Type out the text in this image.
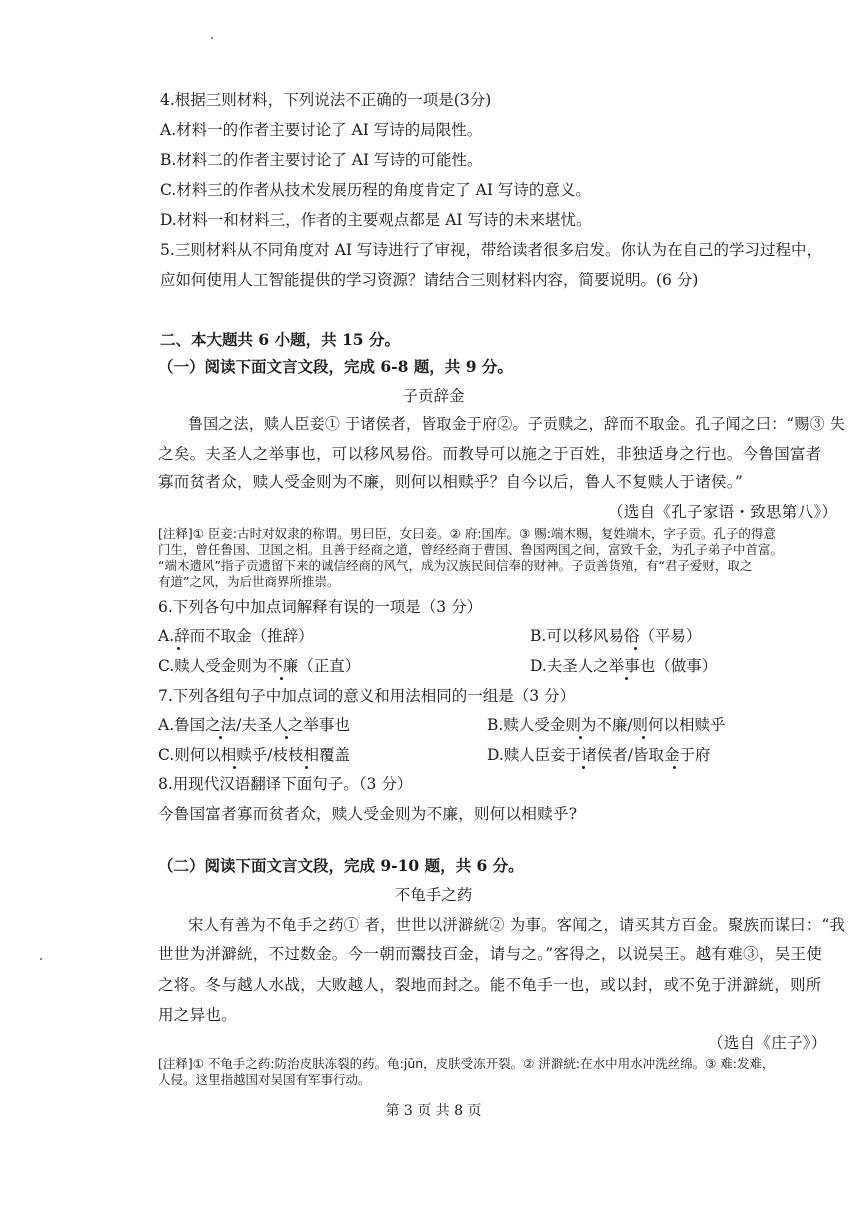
4.根据三则材料，下列说法不正确的一项是(3分)
A.材料一的作者主要讨论了 AI 写诗的局限性。
B.材料二的作者主要讨论了 AI 写诗的可能性。
C.材料三的作者从技术发展历程的角度肯定了 AI 写诗的意义。
D.材料一和材料三，作者的主要观点都是 AI 写诗的未来堪忧。
5.三则材料从不同角度对 AI 写诗进行了审视，带给读者很多启发。你认为在自己的学习过程中，
应如何使用人工智能提供的学习资源？请结合三则材料内容，简要说明。(6 分)
二、本大题共 6 小题，共 15 分。
（一）阅读下面文言文段，完成 6-8 题，共 9 分。
子贡辞金
鲁国之法，赎人臣妾① 于诸侯者，皆取金于府②。子贡赎之，辞而不取金。孔子闻之曰：“赐③ 失
之矣。夫圣人之举事也，可以移风易俗。而教导可以施之于百姓，非独适身之行也。今鲁国富者
寡而贫者众，赎人受金则为不廉，则何以相赎乎？自今以后，鲁人不复赎人于诸侯。”
（选自《孔子家语・致思第八》）
[注释]① 臣妾:古时对奴隶的称谓。男曰臣，女曰妾。② 府:国库。③ 赐:端木赐，复姓端木，字子贡。孔子的得意
门生，曾任鲁国、卫国之相。且善于经商之道，曾经经商于曹国、鲁国两国之间，富致千金，为孔子弟子中首富。
“端木遗风”指子贡遗留下来的诚信经商的风气，成为汉族民间信奉的财神。子贡善货殖，有“君子爱财，取之
有道”之风，为后世商界所推崇。
6.下列各句中加点词解释有误的一项是（3 分）
A.辞而不取金（推辞）	B.可以移风易俗（平易）
C.赎人受金则为不廉（正直）	D.夫圣人之举事也（做事）
7.下列各组句子中加点词的意义和用法相同的一组是（3 分）
A.鲁国之法/夫圣人之举事也	B.赎人受金则为不廉/则何以相赎乎
C.则何以相赎乎/枝枝相覆盖	D.赎人臣妾于诸侯者/皆取金于府
8.用现代汉语翻译下面句子。（3 分）
今鲁国富者寡而贫者众，赎人受金则为不廉，则何以相赎乎?
（二）阅读下面文言文段，完成 9-10 题，共 6 分。
不龟手之药
宋人有善为不龟手之药① 者，世世以洴澼絖② 为事。客闻之，请买其方百金。聚族而谋曰：“我
世世为洴澼絖，不过数金。今一朝而鬻技百金，请与之。”客得之，以说吴王。越有难③，吴王使
之将。冬与越人水战，大败越人，裂地而封之。能不龟手一也，或以封，或不免于洴澼絖，则所
用之异也。
（选自《庄子》）
[注释]① 不龟手之药:防治皮肤冻裂的药。龟:jūn，皮肤受冻开裂。② 洴澼絖:在水中用水冲洗丝绵。③ 难:发难，
人侵。这里指越国对吴国有军事行动。
第 3 页 共 8 页
